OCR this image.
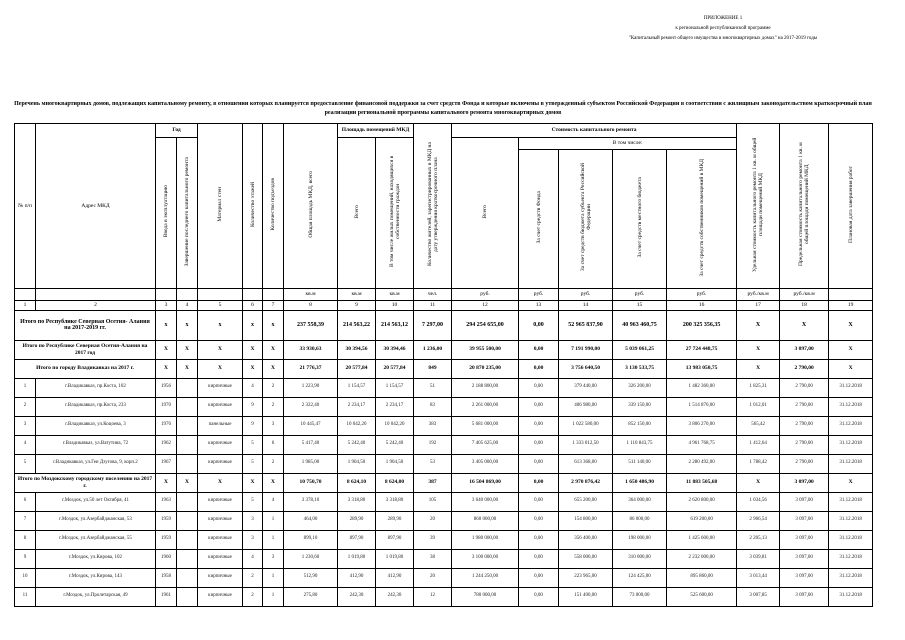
ПРИЛОЖЕНИЕ 1
к региональной республиканской программе
"Капитальный ремонт общего имущества в многоквартирных домах" на 2017-2019 годы
Перечень многоквартирных домов, подлежащих капитальному ремонту, в отношении которых планируется предоставление финансовой поддержки за счет средств Фонда и которые включены в утвержденный субъектом Российской Федерации в соответствии с жилищным законодательством краткосрочный план реализации региональной программы капитального ремонта многоквартирных домов
№ п/п	Адрес МКД	Год		Материал стен	Количество этажей	Количество подъездов	Общая площадь МКД, всего	Площадь помещений МКД		Количество жителей, зарегистрированных в МКД на дату утверждения краткосрочного плана	Стоимость капитального ремонта					Удельная стоимость капитального ремонта 1 кв. м общей площади помещений МКД	Предельная стоимость капитального ремонта 1 кв. м общей площади помещений МКД	Плановая дата завершения работ
		Ввода в эксплуатацию	Завершение последнего капитального ремонта					Всего	В том числе жилых помещений, находящихся в собственности граждан		Всего	В том числе:						
												За счет средств Фонда	За счет средств бюджета субъекта Российской Федерации	За счет средств местного бюджета	За счет средств собственников помещений в МКД			
							кв.м	кв.м	кв.м	чел.	руб.	руб.	руб.	руб.	руб.	руб./кв.м	руб./кв.м	
1	2	3	4	5	6	7	8	9	10	11	12	13	14	15	16	17	18	19
Итого по Республике Северная Осетия- Алания на 2017-2019 гг.		х	х	х	х	х	237 558,39	214 563,22	214 563,12	7 297,00	294 254 655,00	0,00	52 965 837,90	40 963 460,75	200 325 356,35	Х	Х	Х
Итого по Республике Северная Осетия-Алания на 2017 год		Х	Х	Х	Х	Х	33 930,63	30 394,56	30 394,46	1 236,00	39 955 500,00	0,00	7 191 990,00	5 039 061,25	27 724 448,75	Х	3 097,00	Х
Итого по городу Владикавказ на 2017 г.		Х	Х	Х	Х	Х	21 776,37	20 577,84	20 577,84	849	20 870 235,00	0,00	3 756 640,50	3 130 533,75	13 983 050,75	Х	2 790,00	Х
1	г.Владикавказ, пр.Коста, 102	1956		кирпичные	4	2	1 223,90	1 154,57	1 154,57	51	2 188 800,00	0,00	379 440,00	326 200,00	1 482 360,00	1 825,31	2 790,00	31.12.2018
2	г.Владикавказ, пр.Коста, 233	1970		кирпичные	9	2	2 322,40	2 234,17	2 234,17	83	2 261 000,00	0,00	406 980,00	339 150,00	1 514 870,00	1 012,01	2 790,00	31.12.2018
3	г.Владикавказ, ул.Коцоева, 3	1976		панельные	9	3	10 445,47	10 042,20	10 042,20	383	5 681 000,00	0,00	1 022 580,00	852 150,00	3 806 270,00	565,42	2 790,00	31.12.2018
4	г.Владикавказ, ул.Ватутина, 72	1962		кирпичные	5	6	5 417,40	5 242,40	5 242,40	192	7 405 625,00	0,00	1 333 012,50	1 110 843,75	4 961 768,75	1 412,64	2 790,00	31.12.2018
5	г.Владикавказ, ул.Геи Дзугова, 9, корп.2	1967		кирпичные	5	2	1 985,00	1 904,50	1 904,50	53	3 405 000,00	0,00	613 368,00	511 140,00	2 280 492,00	1 788,42	2 790,00	31.12.2018
Итого по Моздокскому городскому поселению на 2017 г.		Х	Х	Х	Х	Х	10 750,70	8 624,10	8 624,00	387	16 504 869,00	0,00	2 970 876,42	1 650 486,90	11 883 505,68	Х	3 097,00	Х
6	г.Моздок, ул.50 лет Октября, 41	1963		кирпичные	5	4	3 378,10	3 318,80	3 318,80	105	3 640 000,00	0,00	655 200,00	364 000,00	2 620 800,00	1 034,56	3 097,00	31.12.2018
7	г.Моздок, ул.Азербайджанская, 53	1959		кирпичные	3	1	464,00	289,90	289,90	20	860 000,00	0,00	154 800,00	86 000,00	619 200,00	2 966,54	3 097,00	31.12.2018
8	г.Моздок, ул.Азербайджанская, 55	1959		кирпичные	3	1	899,10	897,90	897,90	39	1 980 000,00	0,00	356 400,00	198 000,00	1 425 600,00	2 205,13	3 097,00	31.12.2018
9	г.Моздок, ул.Кирова, 102	1960		кирпичные	4	3	1 230,60	1 019,80	1 019,80	38	3 100 000,00	0,00	558 000,00	310 000,00	2 232 000,00	3 039,81	3 097,00	31.12.2018
10	г.Моздок, ул.Кирова, 143	1958		кирпичные	2	1	512,90	412,90	412,90	20	1 244 250,00	0,00	223 965,00	124 425,00	895 860,00	3 013,44	3 097,00	31.12.2018
11	г.Моздок, ул.Пролетарская, 49	1961		кирпичные	2	1	275,80	242,30	242,30	12	780 000,00	0,00	151 400,00	73 000,00	525 600,00	3 007,85	3 097,00	31.12.2018
